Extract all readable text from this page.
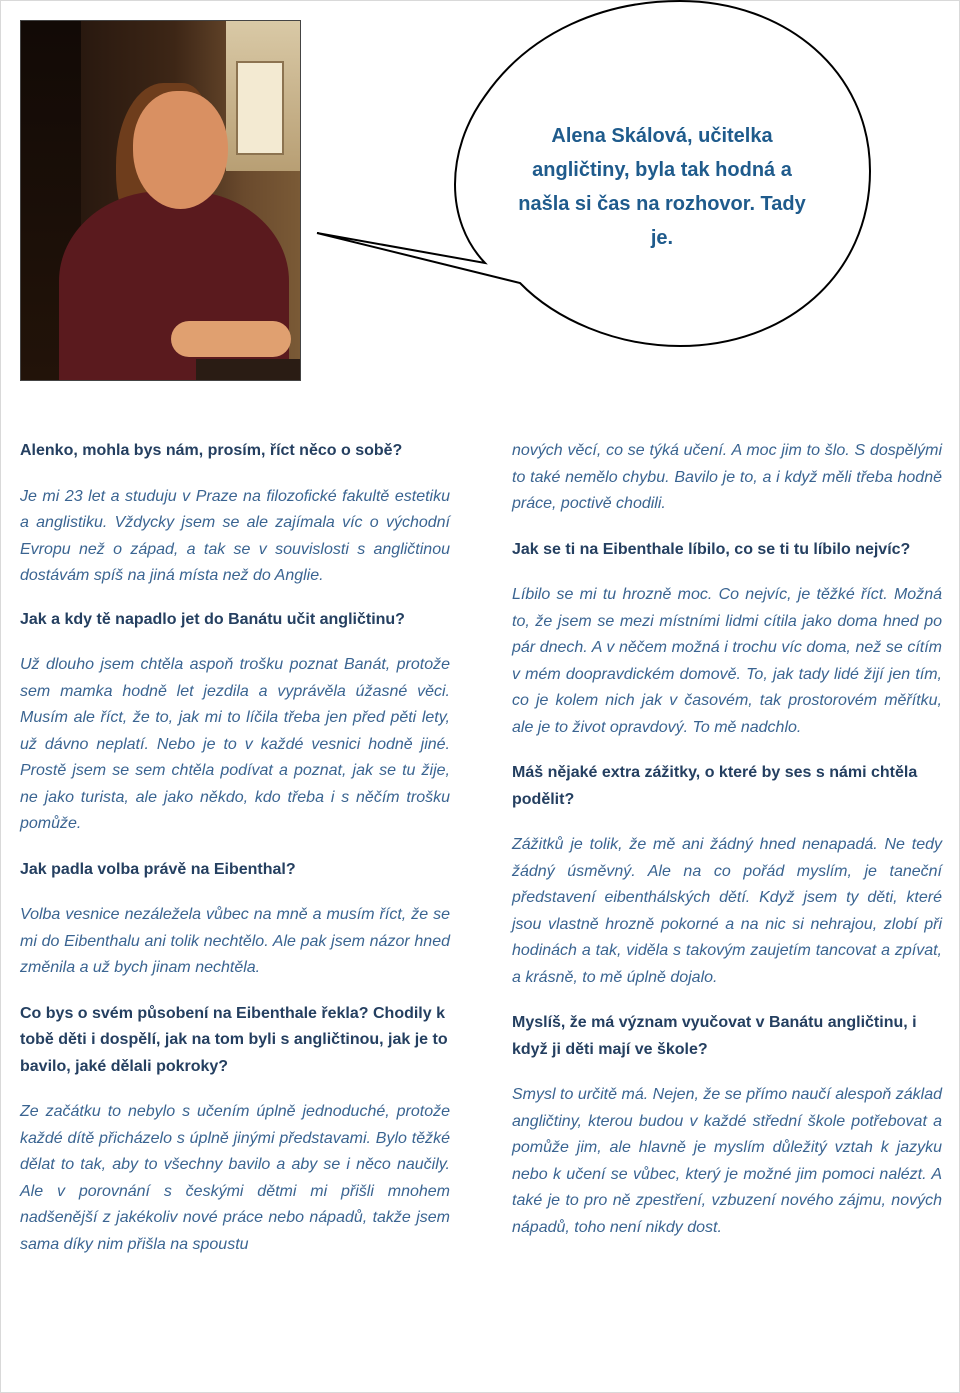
Alena Skálová, učitelka angličtiny, byla tak hodná a našla si čas na rozhovor. Tady je.

Alenko, mohla bys nám, prosím, říct něco o sobě?

Je mi 23 let a studuju v Praze na filozofické fakultě estetiku a anglistiku. Vždycky jsem se ale zajímala víc o východní Evropu než o západ, a tak se v souvislosti s angličtinou dostávám spíš na jiná místa než do Anglie.

Jak a kdy tě napadlo jet do Banátu učit angličtinu?

Už dlouho jsem chtěla aspoň trošku poznat Banát, protože sem mamka hodně let jezdila a vyprávěla úžasné věci. Musím ale říct, že to, jak mi to líčila třeba jen před pěti lety, už dávno neplatí. Nebo je to v každé vesnici hodně jiné. Prostě jsem se sem chtěla podívat a poznat, jak se tu žije, ne jako turista, ale jako někdo, kdo třeba i s něčím trošku pomůže.

Jak padla volba právě na Eibenthal?

Volba vesnice nezáležela vůbec na mně a musím říct, že se mi do Eibenthalu ani tolik nechtělo. Ale pak jsem názor hned změnila a už bych jinam nechtěla.

Co bys o svém působení na Eibenthale řekla? Chodily k tobě děti i dospělí, jak na tom byli s angličtinou, jak je to bavilo, jaké dělali pokroky?

Ze začátku to nebylo s učením úplně jednoduché, protože každé dítě přicházelo s úplně jinými představami. Bylo těžké dělat to tak, aby to všechny bavilo a aby se i něco naučily. Ale v porovnání s českými dětmi mi přišli mnohem nadšenější z jakékoliv nové práce nebo nápadů, takže jsem sama díky nim přišla na spoustu

nových věcí, co se týká učení. A moc jim to šlo. S dospělými to také nemělo chybu. Bavilo je to, a i když měli třeba hodně práce, poctivě chodili.

Jak se ti na Eibenthale líbilo, co se ti tu líbilo nejvíc?

Líbilo se mi tu hrozně moc. Co nejvíc, je těžké říct. Možná to, že jsem se mezi místními lidmi cítila jako doma hned po pár dnech. A v něčem možná i trochu víc doma, než se cítím v mém doopravdickém domově. To, jak tady lidé žijí jen tím, co je kolem nich jak v časovém, tak prostorovém měřítku, ale je to život opravdový. To mě nadchlo.

Máš nějaké extra zážitky, o které by ses s námi chtěla podělit?

Zážitků je tolik, že mě ani žádný hned nenapadá. Ne tedy žádný úsměvný. Ale na co pořád myslím, je taneční představení eibenthálských dětí. Když jsem ty děti, které jsou vlastně hrozně pokorné a na nic si nehrajou, zlobí při hodinách a tak, viděla s takovým zaujetím tancovat a zpívat, a krásně, to mě úplně dojalo.

Myslíš, že má význam vyučovat v Banátu angličtinu, i když ji děti mají ve škole?

Smysl to určitě má. Nejen, že se přímo naučí alespoň základ angličtiny, kterou budou v každé střední škole potřebovat a pomůže jim, ale hlavně je myslím důležitý vztah k jazyku nebo k učení se vůbec, který je možné jim pomoci nalézt. A také je to pro ně zpestření, vzbuzení nového zájmu, nových nápadů, toho není nikdy dost.
